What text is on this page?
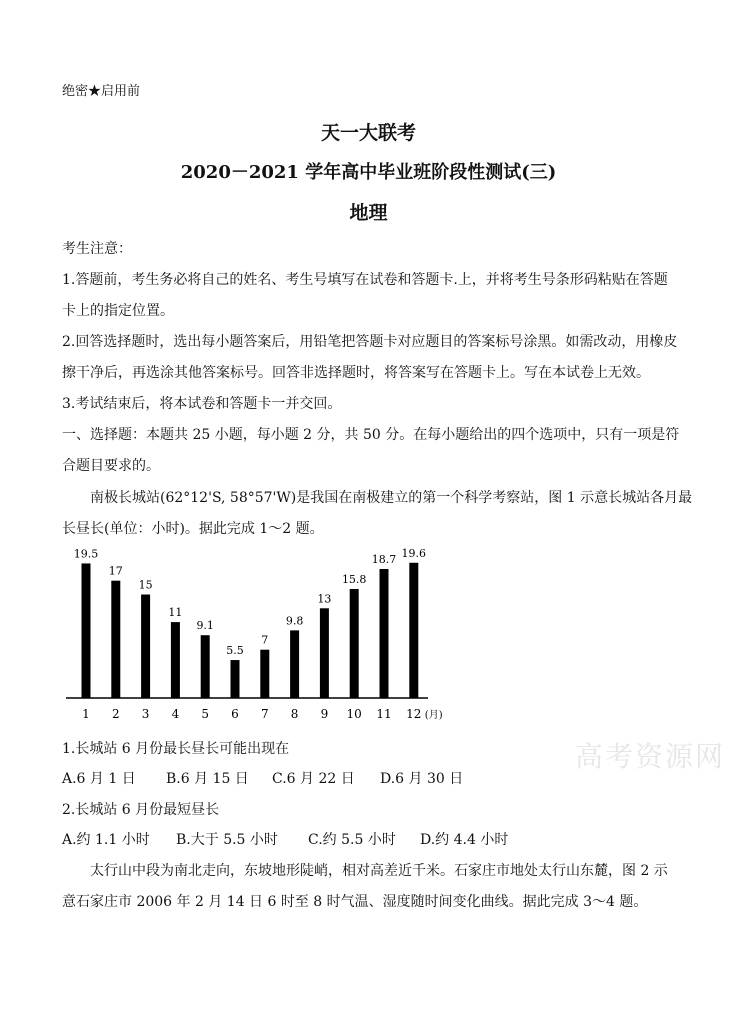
绝密★启用前
天一大联考
2020－2021 学年高中毕业班阶段性测试(三)
地理
考生注意：
1.答题前，考生务必将自己的姓名、考生号填写在试卷和答题卡.上，并将考生号条形码粘贴在答题
卡上的指定位置。
2.回答选择题时，选出每小题答案后，用铅笔把答题卡对应题目的答案标号涂黑。如需改动，用橡皮
擦干净后，再选涂其他答案标号。回答非选择题时，将答案写在答题卡上。写在本试卷上无效。
3.考试结束后，将本试卷和答题卡一并交回。
一、选择题：本题共 25 小题，每小题 2 分，共 50 分。在每小题给出的四个选项中，只有一项是符
合题目要求的。
南极长城站(62°12'S, 58°57'W)是我国在南极建立的第一个科学考察站，图 1 示意长城站各月最
长昼长(单位：小时)。据此完成 1～2 题。
19.5
17
15
11
9.1
5.5
7
9.8
13
15.8
18.7 19.6
1 2 3 4 5 6 7 8 9 10 11 12 (月)
1.长城站 6 月份最长昼长可能出现在
A.6 月 1 日 B.6 月 15 日 C.6 月 22 日 D.6 月 30 日
2.长城站 6 月份最短昼长
A.约 1.1 小时 B.大于 5.5 小时 C.约 5.5 小时 D.约 4.4 小时
太行山中段为南北走向，东坡地形陡峭，相对高差近千米。石家庄市地处太行山东麓，图 2 示
意石家庄市 2006 年 2 月 14 日 6 时至 8 时气温、湿度随时间变化曲线。据此完成 3～4 题。
高考资源网
